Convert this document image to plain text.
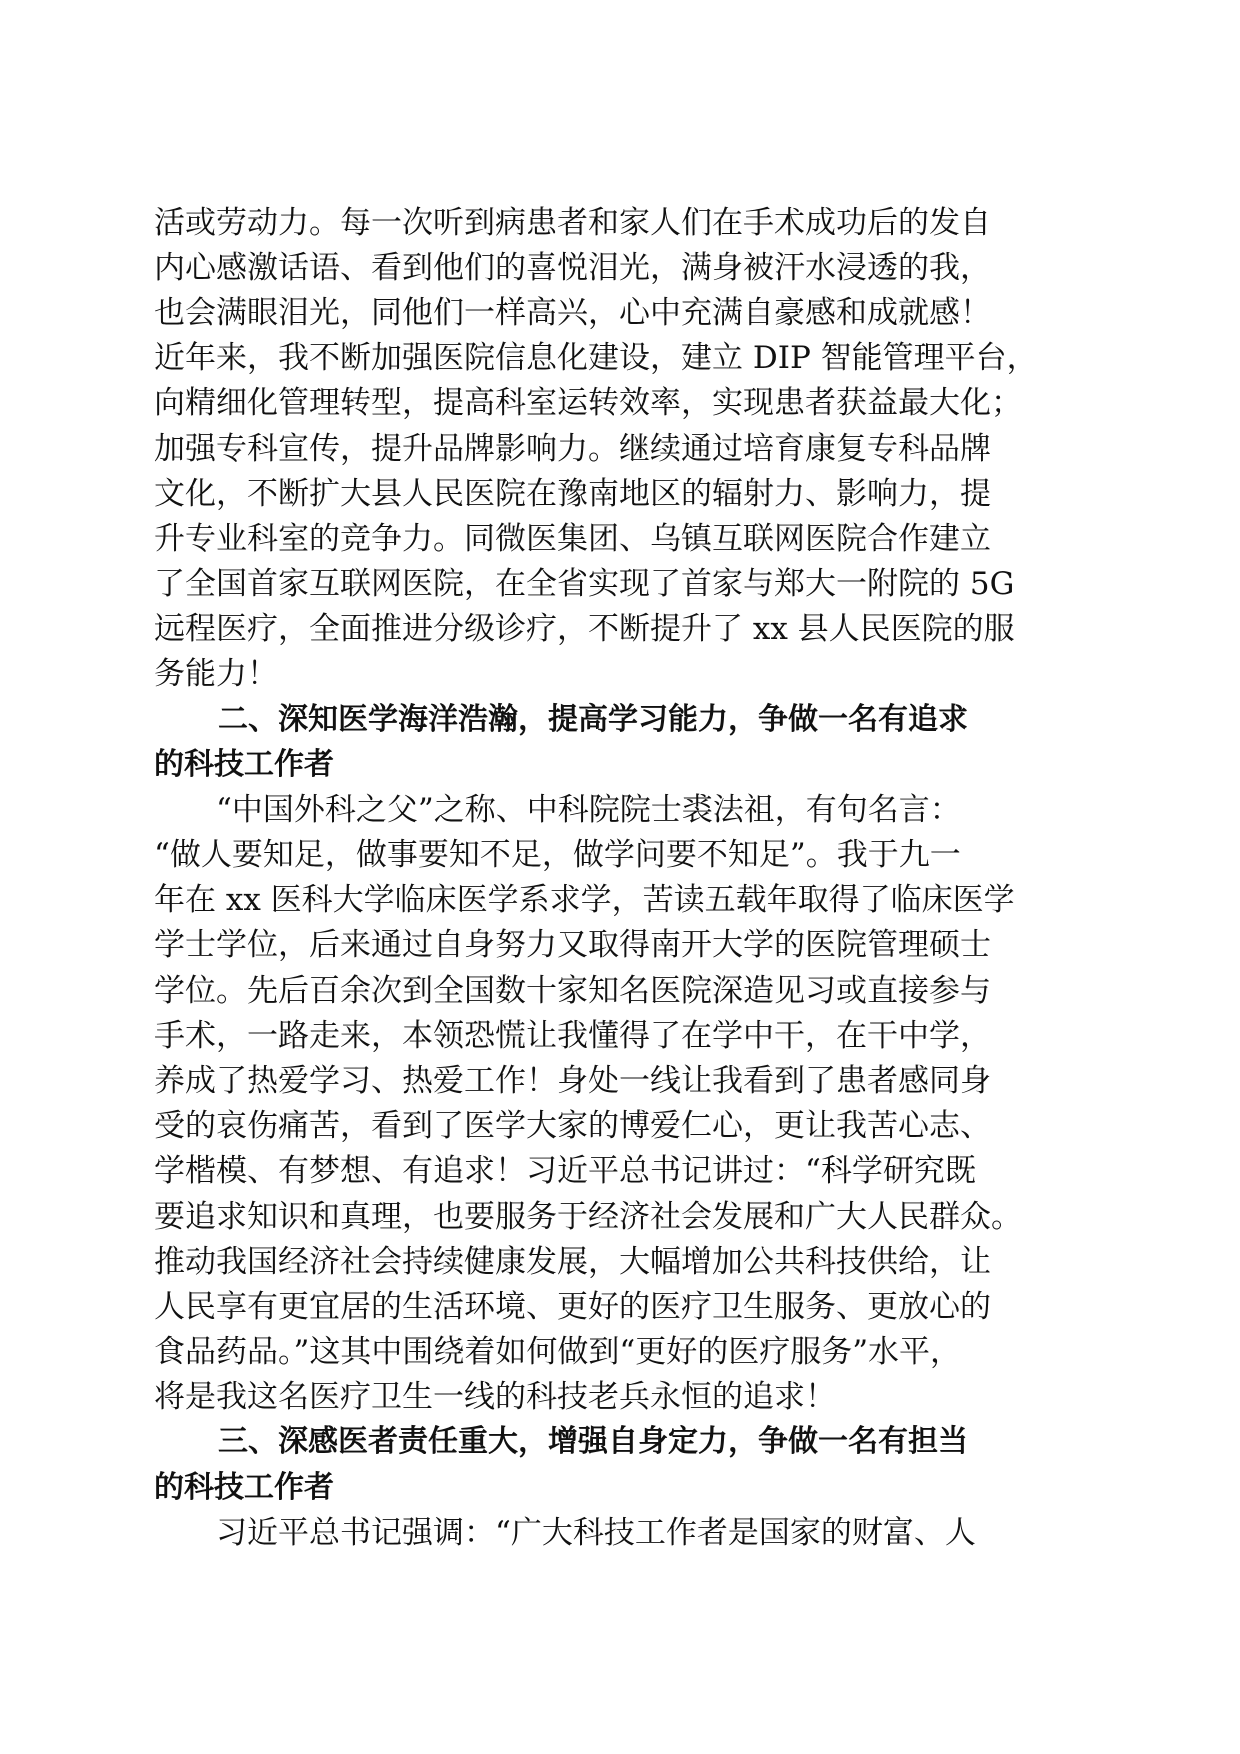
活或劳动力。每一次听到病患者和家人们在手术成功后的发自
内心感激话语、看到他们的喜悦泪光，满身被汗水浸透的我，
也会满眼泪光，同他们一样高兴，心中充满自豪感和成就感！
近年来，我不断加强医院信息化建设，建立 DIP 智能管理平台，
向精细化管理转型，提高科室运转效率，实现患者获益最大化；
加强专科宣传，提升品牌影响力。继续通过培育康复专科品牌
文化，不断扩大县人民医院在豫南地区的辐射力、影响力，提
升专业科室的竞争力。同微医集团、乌镇互联网医院合作建立
了全国首家互联网医院，在全省实现了首家与郑大一附院的 5G
远程医疗，全面推进分级诊疗，不断提升了 xx 县人民医院的服
务能力！
二、深知医学海洋浩瀚，提高学习能力，争做一名有追求
的科技工作者
“中国外科之父”之称、中科院院士裘法祖，有句名言：
“做人要知足，做事要知不足，做学问要不知足”。我于九一
年在 xx 医科大学临床医学系求学，苦读五载年取得了临床医学
学士学位，后来通过自身努力又取得南开大学的医院管理硕士
学位。先后百余次到全国数十家知名医院深造见习或直接参与
手术，一路走来，本领恐慌让我懂得了在学中干，在干中学，
养成了热爱学习、热爱工作！身处一线让我看到了患者感同身
受的哀伤痛苦，看到了医学大家的博爱仁心，更让我苦心志、
学楷模、有梦想、有追求！习近平总书记讲过：“科学研究既
要追求知识和真理，也要服务于经济社会发展和广大人民群众。
推动我国经济社会持续健康发展，大幅增加公共科技供给，让
人民享有更宜居的生活环境、更好的医疗卫生服务、更放心的
食品药品。”这其中围绕着如何做到“更好的医疗服务”水平，
将是我这名医疗卫生一线的科技老兵永恒的追求！
三、深感医者责任重大，增强自身定力，争做一名有担当
的科技工作者
习近平总书记强调：“广大科技工作者是国家的财富、人
